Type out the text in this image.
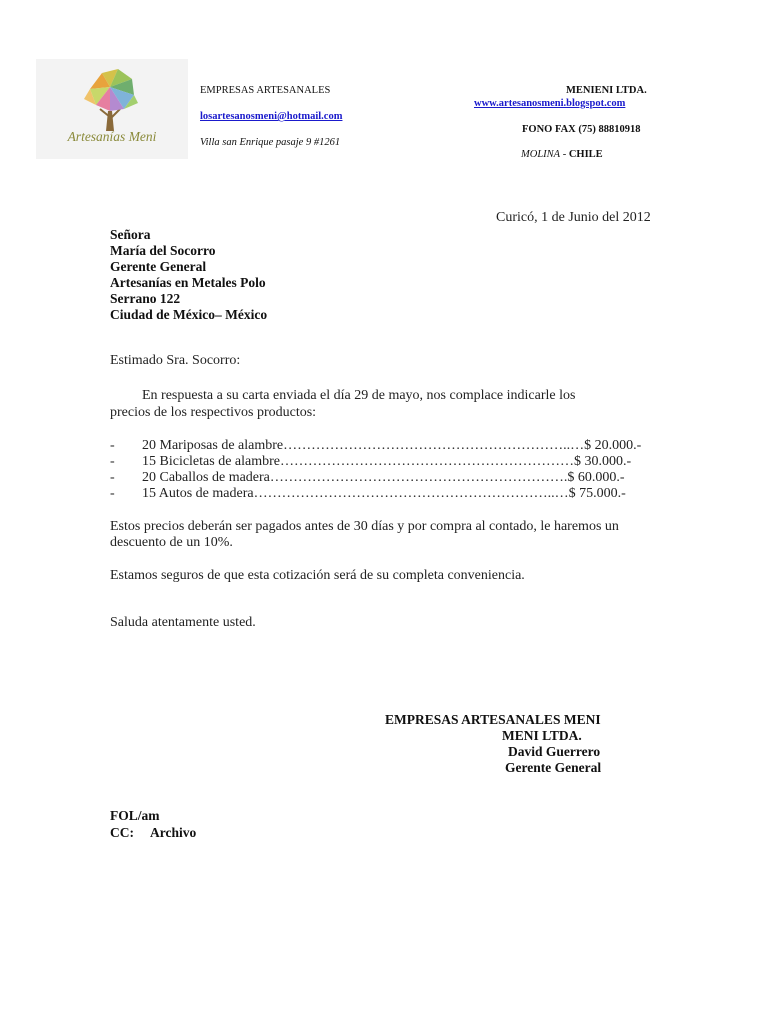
Artesanías Meni
EMPRESAS ARTESANALES	MENIENI LTDA.
www.artesanosmeni.blogspot.com
losartesanosmeni@hotmail.com
FONO FAX (75) 88810918
Villa san Enrique pasaje 9 #1261
MOLINA - CHILE
Curicó, 1 de Junio del 2012
Señora
María del Socorro
Gerente General
Artesanías en Metales Polo
Serrano 122
Ciudad de México– México
Estimado Sra. Socorro:
En respuesta a su carta enviada el día 29 de mayo, nos complace indicarle los
precios de los respectivos productos:
- 20 Mariposas de alambre……………………………………………………..…$ 20.000.-
- 15 Bicicletas de alambre………………………………………………………$ 30.000.-
- 20 Caballos de madera……………………………………………………….$ 60.000.-
- 15 Autos de madera………………………………………………………..…$ 75.000.-
Estos precios deberán ser pagados antes de 30 días y por compra al contado, le haremos un
descuento de un 10%.
Estamos seguros de que esta cotización será de su completa conveniencia.
Saluda atentamente usted.
EMPRESAS ARTESANALES MENI
MENI LTDA.
David Guerrero
Gerente General
FOL/am
CC: Archivo
